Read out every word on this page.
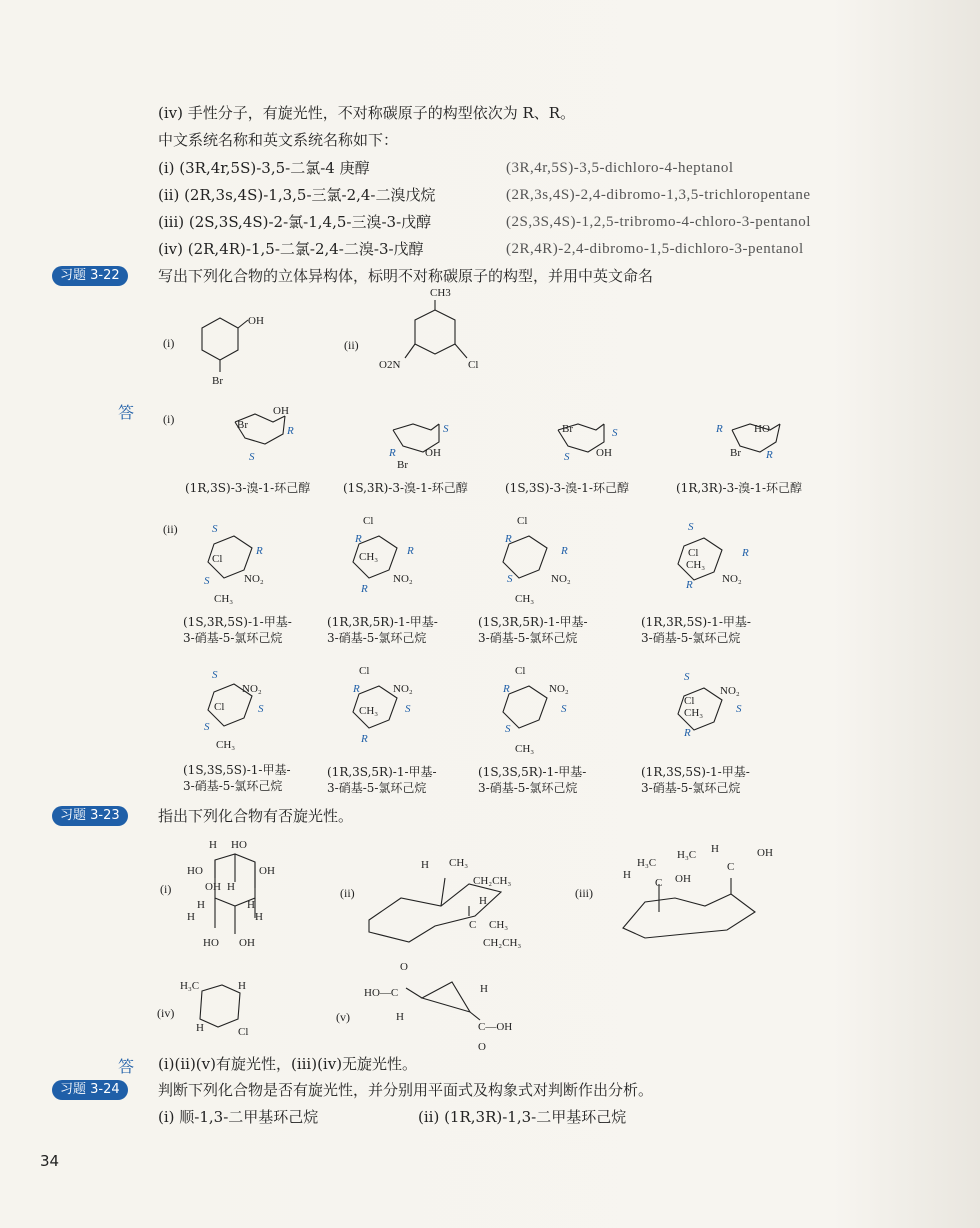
(iv) 手性分子，有旋光性，不对称碳原子的构型依次为 R、R。
中文系统名称和英文系统名称如下：
(i) (3R,4r,5S)-3,5-二氯-4 庚醇	(3R,4r,5S)-3,5-dichloro-4-heptanol
(ii) (2R,3s,4S)-1,3,5-三氯-2,4-二溴戊烷	(2R,3s,4S)-2,4-dibromo-1,3,5-trichloropentane
(iii) (2S,3S,4S)-2-氯-1,4,5-三溴-3-戊醇	(2S,3S,4S)-1,2,5-tribromo-4-chloro-3-pentanol
(iv) (2R,4R)-1,5-二氯-2,4-二溴-3-戊醇	(2R,4R)-2,4-dibromo-1,5-dichloro-3-pentanol
习题 3-22	写出下列化合物的立体异构体，标明不对称碳原子的构型，并用中英文命名
(i)
OH
Br
(ii)
CH3
O2N	Cl
答 (i)
OH
Br	R
S	OH
Br
S
R
Br
OH
S
S
HO
Br
R
R
(1R,3S)-3-溴-1-环己醇	(1S,3R)-3-溴-1-环己醇	(1S,3S)-3-溴-1-环己醇	(1R,3R)-3-溴-1-环己醇
(ii)	S
R
S
Cl
NO₂
CH₃
Cl
R
R
R
CH₃
NO₂
Cl
R
R
S	NO₂
CH₃
S
R
R
Cl
CH₃
NO₂
(1S,3R,5S)-1-甲基-
3-硝基-5-氯环己烷
(1R,3R,5R)-1-甲基-
3-硝基-5-氯环己烷
(1S,3R,5R)-1-甲基-
3-硝基-5-氯环己烷
(1R,3R,5S)-1-甲基-
3-硝基-5-氯环己烷
S
NO₂
S
Cl
S
CH₃
Cl
R	NO₂
CH₃ S
R
Cl
R	NO₂
S
S
CH₃
S
NO₂
S
Cl
CH₃
R
(1S,3S,5S)-1-甲基-
3-硝基-5-氯环己烷
(1R,3S,5R)-1-甲基-
3-硝基-5-氯环己烷
(1S,3S,5R)-1-甲基-
3-硝基-5-氯环己烷
(1R,3S,5S)-1-甲基-
3-硝基-5-氯环己烷
习题 3-23	指出下列化合物有否旋光性。
(i)
H HO
HO	OH
OH H
H	H
H	H
HO OH
(ii)
H CH₃
CH₂CH₃
H
C CH₃
CH₂CH₃
(iii)
H₃C
H
C OH
H₃C H
C
OH
(iv)
H₃C	H
H	Cl
(v)
O
HO—C
H
H
C—OH
O
答 (i)(ii)(v)有旋光性，(iii)(iv)无旋光性。
习题 3-24	判断下列化合物是否有旋光性，并分别用平面式及构象式对判断作出分析。
(i) 顺-1,3-二甲基环己烷	(ii) (1R,3R)-1,3-二甲基环己烷
34
